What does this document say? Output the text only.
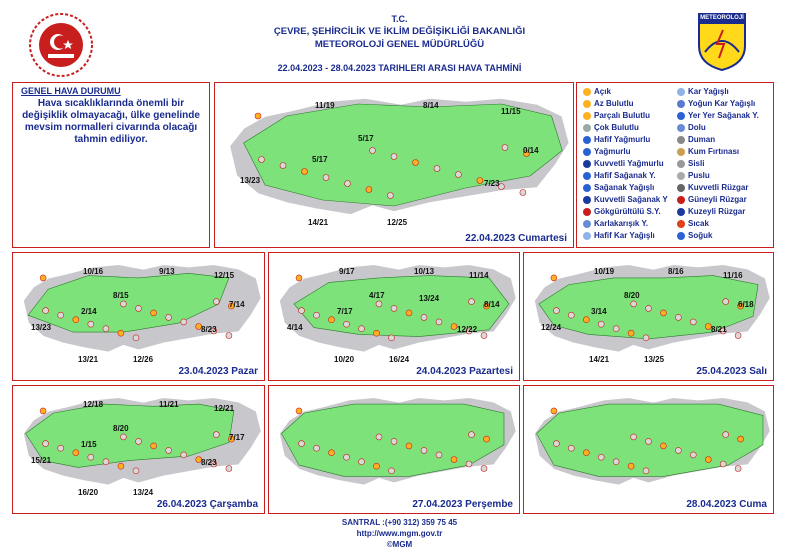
T.C.
ÇEVRE, ŞEHİRCİLİK VE İKLİM DEĞİŞİKLİĞİ BAKANLIĞI
METEOROLOJİ GENEL MÜDÜRLÜĞÜ
22.04.2023 - 28.04.2023 TARIHLERI ARASI HAVA TAHMİNİ
METEOROLOJİ
GENEL HAVA DURUMU
Hava sıcaklıklarında önemli bir değişiklik olmayacağı, ülke genelinde mevsim normalleri civarında olacağı tahmin ediliyor.
22.04.2023 Cumartesi
11/19	8/14
11/15
5/17
5/17
0/14
13/23	7/23
14/21	12/25
Açık
Az Bulutlu
Parçalı Bulutlu
Çok Bulutlu
Hafif Yağmurlu
Yağmurlu
Kuvvetli Yağmurlu
Hafif Sağanak Y.
Sağanak Yağışlı
Kuvvetli Sağanak Y
Gökgürültülü S.Y.
Karlakarışık Y.
Hafif Kar Yağışlı
Kar Yağışlı
Yoğun Kar Yağışlı
Yer Yer Sağanak Y.
Dolu
Duman
Kum Fırtınası
Sisli
Puslu
Kuvvetli Rüzgar
Güneyli Rüzgar
Kuzeyli Rüzgar
Sıcak
Soğuk
23.04.2023 Pazar
10/16	9/13	12/15
8/15
2/14
7/14
13/23	8/23
13/21	12/26
24.04.2023 Pazartesi
9/17	10/13	11/14
4/17
7/17
8/14
4/14	12/22
10/20	16/24
13/24
25.04.2023 Salı
10/19	8/16	11/16
8/20
3/14
6/18
12/24	8/21
14/21	13/25
26.04.2023 Çarşamba
12/18	11/21	12/21
8/20
1/15
7/17
15/21	8/23
16/20	13/24
27.04.2023 Perşembe	28.04.2023 Cuma
SANTRAL :(+90 312) 359 75 45
http://www.mgm.gov.tr
©MGM
